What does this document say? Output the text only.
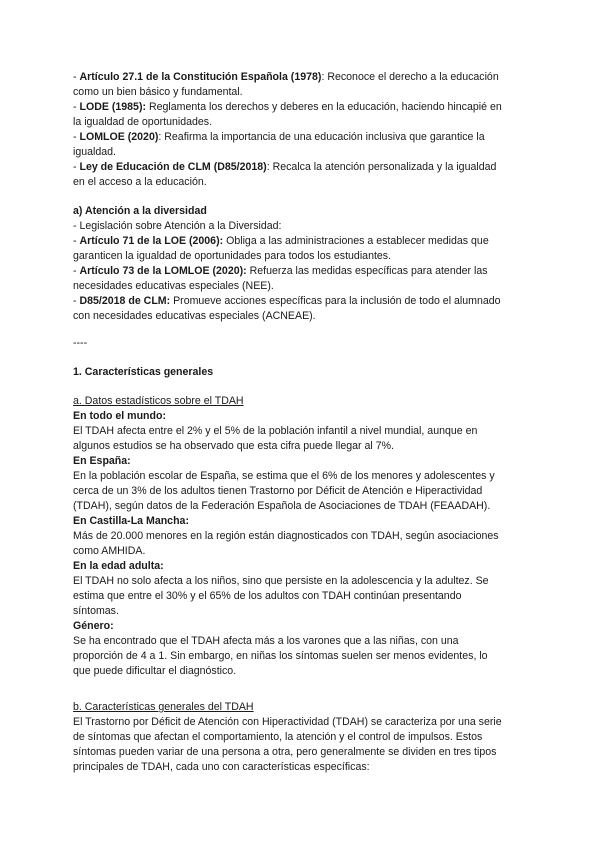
- Artículo 27.1 de la Constitución Española (1978): Reconoce el derecho a la educación
como un bien básico y fundamental.
- LODE (1985): Reglamenta los derechos y deberes en la educación, haciendo hincapié en
la igualdad de oportunidades.
- LOMLOE (2020): Reafirma la importancia de una educación inclusiva que garantice la
igualdad.
- Ley de Educación de CLM (D85/2018): Recalca la atención personalizada y la igualdad
en el acceso a la educación.
a) Atención a la diversidad
- Legislación sobre Atención a la Diversidad:
- Artículo 71 de la LOE (2006): Obliga a las administraciones a establecer medidas que
garanticen la igualdad de oportunidades para todos los estudiantes.
- Artículo 73 de la LOMLOE (2020): Refuerza las medidas específicas para atender las
necesidades educativas especiales (NEE).
- D85/2018 de CLM: Promueve acciones específicas para la inclusión de todo el alumnado
con necesidades educativas especiales (ACNEAE).
----
1. Características generales
a. Datos estadísticos sobre el TDAH
En todo el mundo:
El TDAH afecta entre el 2% y el 5% de la población infantil a nivel mundial, aunque en
algunos estudios se ha observado que esta cifra puede llegar al 7%.
En España:
En la población escolar de España, se estima que el 6% de los menores y adolescentes y
cerca de un 3% de los adultos tienen Trastorno por Déficit de Atención e Hiperactividad
(TDAH), según datos de la Federación Española de Asociaciones de TDAH (FEAADAH).
En Castilla-La Mancha:
Más de 20.000 menores en la región están diagnosticados con TDAH, según asociaciones
como AMHIDA.
En la edad adulta:
El TDAH no solo afecta a los niños, sino que persiste en la adolescencia y la adultez. Se
estima que entre el 30% y el 65% de los adultos con TDAH continúan presentando
síntomas.
Género:
Se ha encontrado que el TDAH afecta más a los varones que a las niñas, con una
proporción de 4 a 1. Sin embargo, en niñas los síntomas suelen ser menos evidentes, lo
que puede dificultar el diagnóstico.
b. Características generales del TDAH
El Trastorno por Déficit de Atención con Hiperactividad (TDAH) se caracteriza por una serie
de síntomas que afectan el comportamiento, la atención y el control de impulsos. Estos
síntomas pueden variar de una persona a otra, pero generalmente se dividen en tres tipos
principales de TDAH, cada uno con características específicas:
